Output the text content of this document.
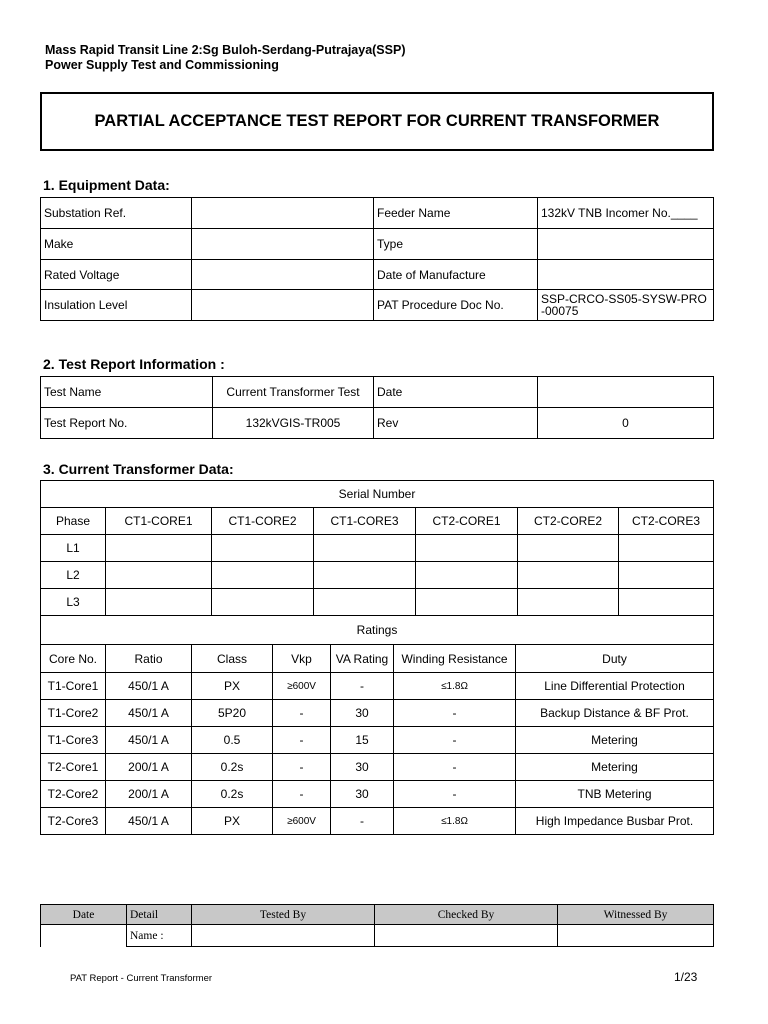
Mass Rapid Transit Line 2:Sg Buloh-Serdang-Putrajaya(SSP)
Power Supply Test and Commissioning
PARTIAL ACCEPTANCE TEST REPORT FOR CURRENT TRANSFORMER
1. Equipment Data:
Substation Ref.		Feeder Name	132kV TNB Incomer No.____
Make		Type	
Rated Voltage		Date of Manufacture	
Insulation Level		PAT Procedure Doc No.	SSP-CRCO-SS05-SYSW-PRO-00075
2. Test Report Information :
Test Name	Current Transformer Test	Date	
Test Report No.	132kVGIS-TR005	Rev	0
3. Current Transformer Data:
Serial Number						
Phase	CT1-CORE1	CT1-CORE2	CT1-CORE3	CT2-CORE1	CT2-CORE2	CT2-CORE3
L1						
L2						
L3						
Ratings						
Core No.	Ratio	Class	Vkp	VA Rating	Winding Resistance	Duty
T1-Core1	450/1 A	PX	≥600V	-	≤1.8Ω	Line Differential Protection
T1-Core2	450/1 A	5P20	-	30	-	Backup Distance & BF Prot.
T1-Core3	450/1 A	0.5	-	15	-	Metering
T2-Core1	200/1 A	0.2s	-	30	-	Metering
T2-Core2	200/1 A	0.2s	-	30	-	TNB Metering
T2-Core3	450/1 A	PX	≥600V	-	≤1.8Ω	High Impedance Busbar Prot.
Date	Detail	Tested By	Checked By	Witnessed By
	Name :			
PAT Report - Current Transformer	1/23
